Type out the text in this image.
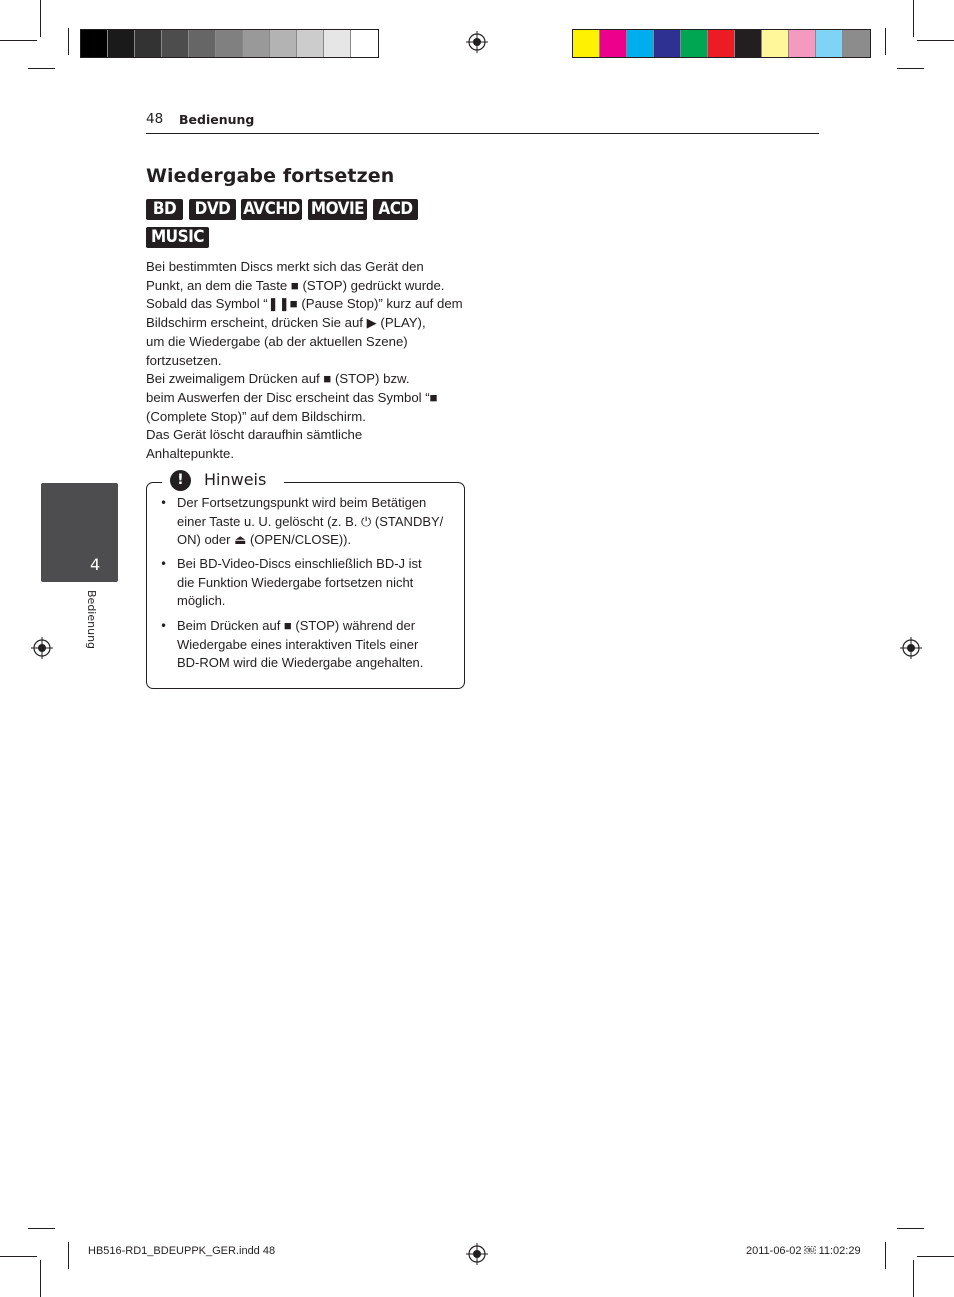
48 Bedienung
4
Bedienung
Wiedergabe fortsetzen
BD	DVD AVCHD MOVIE ACD
MUSIC
Bei bestimmten Discs merkt sich das Gerät den
Punkt, an dem die Taste ■ (STOP) gedrückt wurde.
Sobald das Symbol “❚❚■ (Pause Stop)” kurz auf dem
Bildschirm erscheint, drücken Sie auf ▶ (PLAY),
um die Wiedergabe (ab der aktuellen Szene)
fortzusetzen.
Bei zweimaligem Drücken auf ■ (STOP) bzw.
beim Auswerfen der Disc erscheint das Symbol “■
(Complete Stop)” auf dem Bildschirm.
Das Gerät löscht daraufhin sämtliche
Anhaltepunkte.
!	Hinweis
• Der Fortsetzungspunkt wird beim Betätigen
einer Taste u. U. gelöscht (z. B. ⏻ (STANDBY/
ON) oder ⏏ (OPEN/CLOSE)).
• Bei BD-Video-Discs einschließlich BD-J ist
die Funktion Wiedergabe fortsetzen nicht
möglich.
• Beim Drücken auf ■ (STOP) während der
Wiedergabe eines interaktiven Titels einer
BD-ROM wird die Wiedergabe angehalten.
HB516-RD1_BDEUPPK_GER.indd 48	2011-06-02 ￼ 11:02:29
